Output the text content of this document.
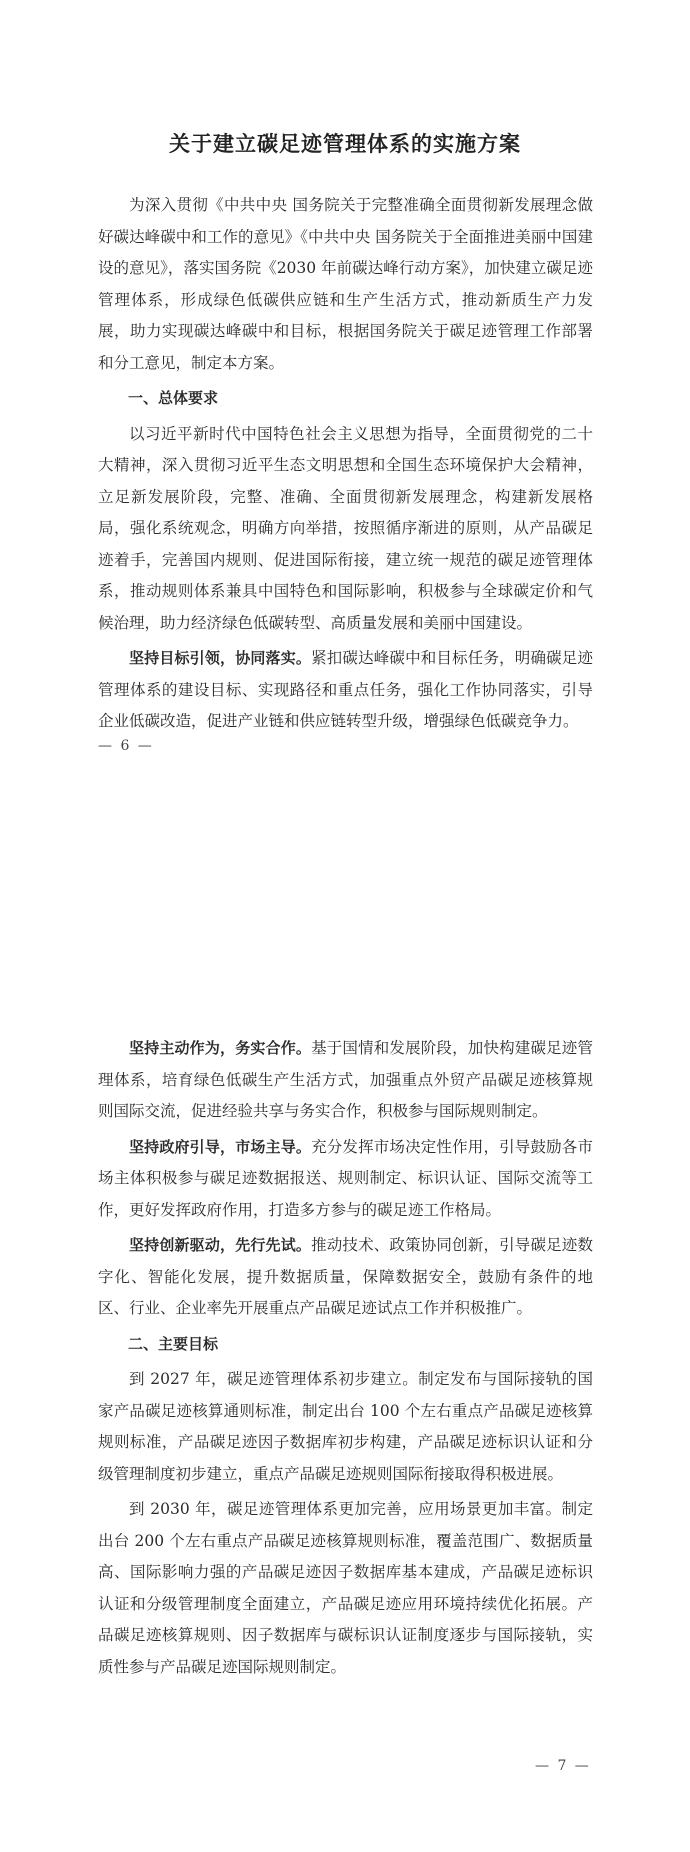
关于建立碳足迹管理体系的实施方案

为深入贯彻《中共中央 国务院关于完整准确全面贯彻新发展理念做好碳达峰碳中和工作的意见》《中共中央 国务院关于全面推进美丽中国建设的意见》，落实国务院《2030 年前碳达峰行动方案》，加快建立碳足迹管理体系，形成绿色低碳供应链和生产生活方式，推动新质生产力发展，助力实现碳达峰碳中和目标，根据国务院关于碳足迹管理工作部署和分工意见，制定本方案。

一、总体要求

以习近平新时代中国特色社会主义思想为指导，全面贯彻党的二十大精神，深入贯彻习近平生态文明思想和全国生态环境保护大会精神，立足新发展阶段，完整、准确、全面贯彻新发展理念，构建新发展格局，强化系统观念，明确方向举措，按照循序渐进的原则，从产品碳足迹着手，完善国内规则、促进国际衔接，建立统一规范的碳足迹管理体系，推动规则体系兼具中国特色和国际影响，积极参与全球碳定价和气候治理，助力经济绿色低碳转型、高质量发展和美丽中国建设。

坚持目标引领，协同落实。紧扣碳达峰碳中和目标任务，明确碳足迹管理体系的建设目标、实现路径和重点任务，强化工作协同落实，引导企业低碳改造，促进产业链和供应链转型升级，增强绿色低碳竞争力。

— 6 —

坚持主动作为，务实合作。基于国情和发展阶段，加快构建碳足迹管理体系，培育绿色低碳生产生活方式，加强重点外贸产品碳足迹核算规则国际交流，促进经验共享与务实合作，积极参与国际规则制定。

坚持政府引导，市场主导。充分发挥市场决定性作用，引导鼓励各市场主体积极参与碳足迹数据报送、规则制定、标识认证、国际交流等工作，更好发挥政府作用，打造多方参与的碳足迹工作格局。

坚持创新驱动，先行先试。推动技术、政策协同创新，引导碳足迹数字化、智能化发展，提升数据质量，保障数据安全，鼓励有条件的地区、行业、企业率先开展重点产品碳足迹试点工作并积极推广。

二、主要目标

到 2027 年，碳足迹管理体系初步建立。制定发布与国际接轨的国家产品碳足迹核算通则标准，制定出台 100 个左右重点产品碳足迹核算规则标准，产品碳足迹因子数据库初步构建，产品碳足迹标识认证和分级管理制度初步建立，重点产品碳足迹规则国际衔接取得积极进展。

到 2030 年，碳足迹管理体系更加完善，应用场景更加丰富。制定出台 200 个左右重点产品碳足迹核算规则标准，覆盖范围广、数据质量高、国际影响力强的产品碳足迹因子数据库基本建成，产品碳足迹标识认证和分级管理制度全面建立，产品碳足迹应用环境持续优化拓展。产品碳足迹核算规则、因子数据库与碳标识认证制度逐步与国际接轨，实质性参与产品碳足迹国际规则制定。

— 7 —
